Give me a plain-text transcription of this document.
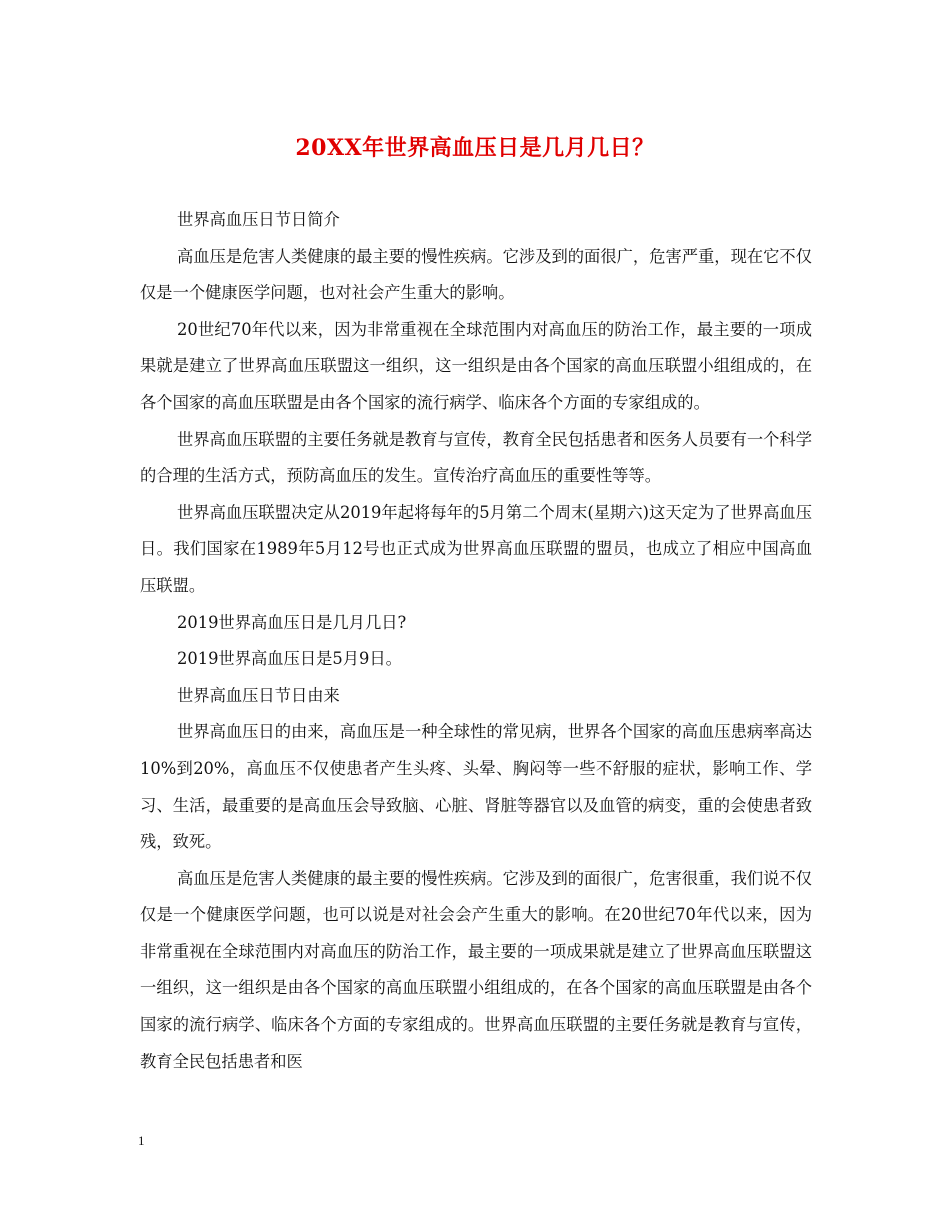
20XX年世界高血压日是几月几日？

世界高血压日节日简介

高血压是危害人类健康的最主要的慢性疾病。它涉及到的面很广，危害严重，现在它不仅仅是一个健康医学问题，也对社会产生重大的影响。

20世纪70年代以来，因为非常重视在全球范围内对高血压的防治工作，最主要的一项成果就是建立了世界高血压联盟这一组织，这一组织是由各个国家的高血压联盟小组组成的，在各个国家的高血压联盟是由各个国家的流行病学、临床各个方面的专家组成的。

世界高血压联盟的主要任务就是教育与宣传，教育全民包括患者和医务人员要有一个科学的合理的生活方式，预防高血压的发生。宣传治疗高血压的重要性等等。

世界高血压联盟决定从2019年起将每年的5月第二个周末(星期六)这天定为了世界高血压日。我们国家在1989年5月12号也正式成为世界高血压联盟的盟员，也成立了相应中国高血压联盟。

2019世界高血压日是几月几日?

2019世界高血压日是5月9日。

世界高血压日节日由来

世界高血压日的由来，高血压是一种全球性的常见病，世界各个国家的高血压患病率高达10%到20%，高血压不仅使患者产生头疼、头晕、胸闷等一些不舒服的症状，影响工作、学习、生活，最重要的是高血压会导致脑、心脏、肾脏等器官以及血管的病变，重的会使患者致残，致死。

高血压是危害人类健康的最主要的慢性疾病。它涉及到的面很广，危害很重，我们说不仅仅是一个健康医学问题，也可以说是对社会会产生重大的影响。在20世纪70年代以来，因为非常重视在全球范围内对高血压的防治工作，最主要的一项成果就是建立了世界高血压联盟这一组织，这一组织是由各个国家的高血压联盟小组组成的，在各个国家的高血压联盟是由各个国家的流行病学、临床各个方面的专家组成的。世界高血压联盟的主要任务就是教育与宣传，教育全民包括患者和医

1
